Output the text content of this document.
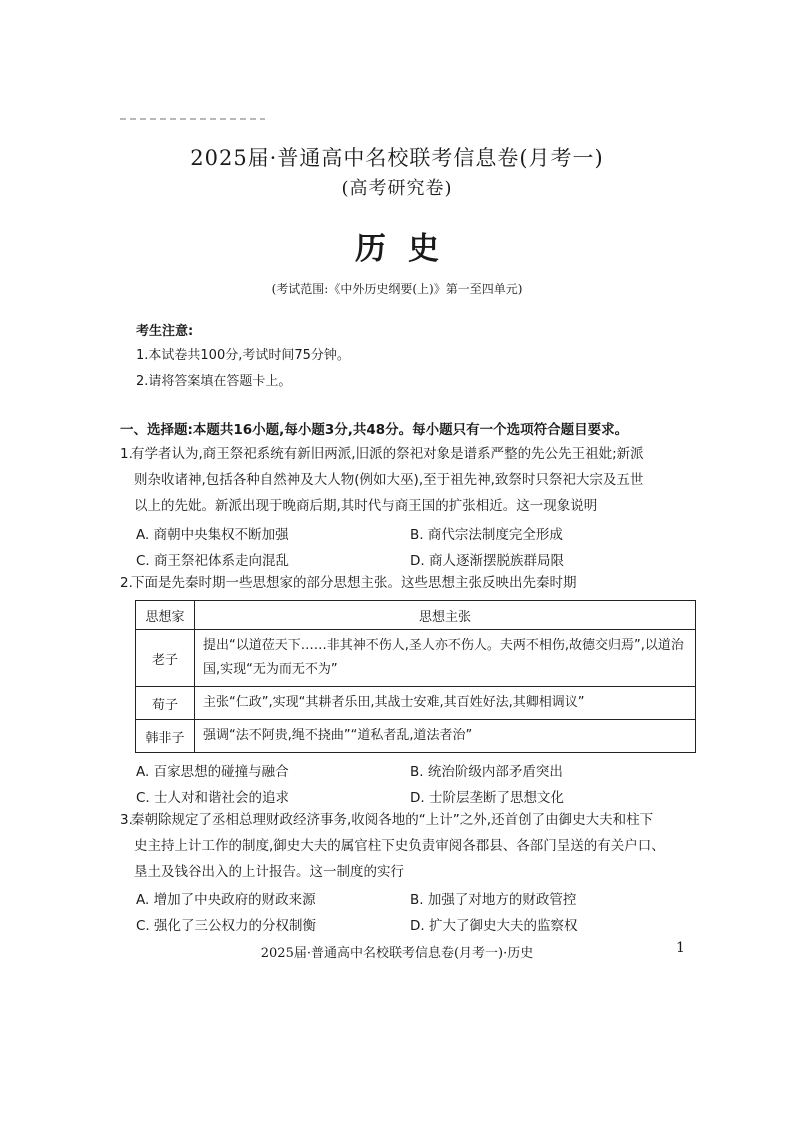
2025届·普通高中名校联考信息卷(月考一)
(高考研究卷)
历史
(考试范围:《中外历史纲要(上)》第一至四单元)
考生注意:
1.本试卷共100分,考试时间75分钟。
2.请将答案填在答题卡上。
一、选择题:本题共16小题,每小题3分,共48分。每小题只有一个选项符合题目要求。
1.有学者认为,商王祭祀系统有新旧两派,旧派的祭祀对象是谱系严整的先公先王祖妣;新派
则杂收诸神,包括各种自然神及大人物(例如大巫),至于祖先神,致祭时只祭祀大宗及五世
以上的先妣。新派出现于晚商后期,其时代与商王国的扩张相近。这一现象说明
A. 商朝中央集权不断加强	B. 商代宗法制度完全形成
C. 商王祭祀体系走向混乱	D. 商人逐渐摆脱族群局限
2.下面是先秦时期一些思想家的部分思想主张。这些思想主张反映出先秦时期
思想家	思想主张
老子	提出“以道莅天下……非其神不伤人,圣人亦不伤人。夫两不相伤,故德交归焉”,以道治国,实现“无为而无不为”
荀子	主张“仁政”,实现“其耕者乐田,其战士安难,其百姓好法,其卿相调议”
韩非子	强调“法不阿贵,绳不挠曲”“道私者乱,道法者治”
A. 百家思想的碰撞与融合	B. 统治阶级内部矛盾突出
C. 士人对和谐社会的追求	D. 士阶层垄断了思想文化
3.秦朝除规定了丞相总理财政经济事务,收阅各地的“上计”之外,还首创了由御史大夫和柱下
史主持上计工作的制度,御史大夫的属官柱下史负责审阅各郡县、各部门呈送的有关户口、
垦土及钱谷出入的上计报告。这一制度的实行
A. 增加了中央政府的财政来源	B. 加强了对地方的财政管控
C. 强化了三公权力的分权制衡	D. 扩大了御史大夫的监察权
2025届·普通高中名校联考信息卷(月考一)·历史	1
